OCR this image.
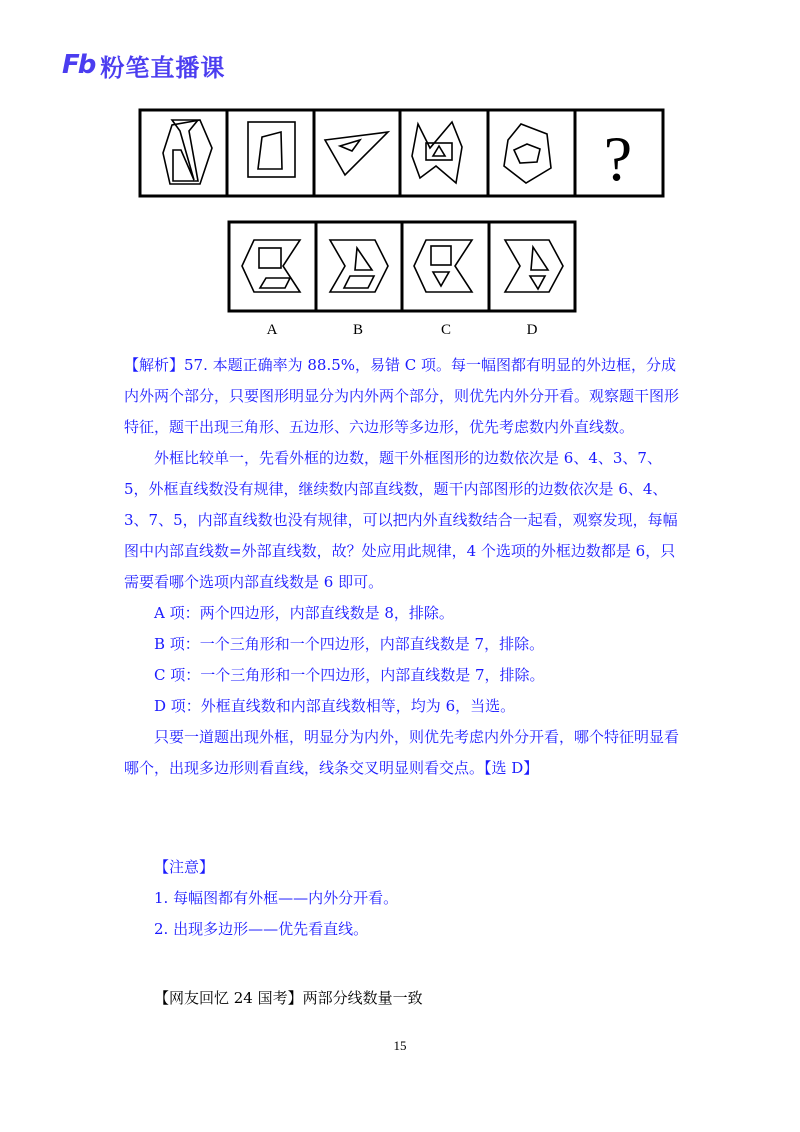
Fb 粉笔直播课
?
A	B	C	D

【解析】57. 本题正确率为 88.5%，易错 C 项。每一幅图都有明显的外边框，分成内外两个部分，只要图形明显分为内外两个部分，则优先内外分开看。观察题干图形特征，题干出现三角形、五边形、六边形等多边形，优先考虑数内外直线数。

外框比较单一，先看外框的边数，题干外框图形的边数依次是 6、4、3、7、5，外框直线数没有规律，继续数内部直线数，题干内部图形的边数依次是 6、4、3、7、5，内部直线数也没有规律，可以把内外直线数结合一起看，观察发现，每幅图中内部直线数=外部直线数，故？处应用此规律，4 个选项的外框边数都是 6，只需要看哪个选项内部直线数是 6 即可。

A 项：两个四边形，内部直线数是 8，排除。

B 项：一个三角形和一个四边形，内部直线数是 7，排除。

C 项：一个三角形和一个四边形，内部直线数是 7，排除。

D 项：外框直线数和内部直线数相等，均为 6，当选。

只要一道题出现外框，明显分为内外，则优先考虑内外分开看，哪个特征明显看哪个，出现多边形则看直线，线条交叉明显则看交点。【选 D】

【注意】

1. 每幅图都有外框——内外分开看。

2. 出现多边形——优先看直线。

【网友回忆 24 国考】两部分线数量一致
15
